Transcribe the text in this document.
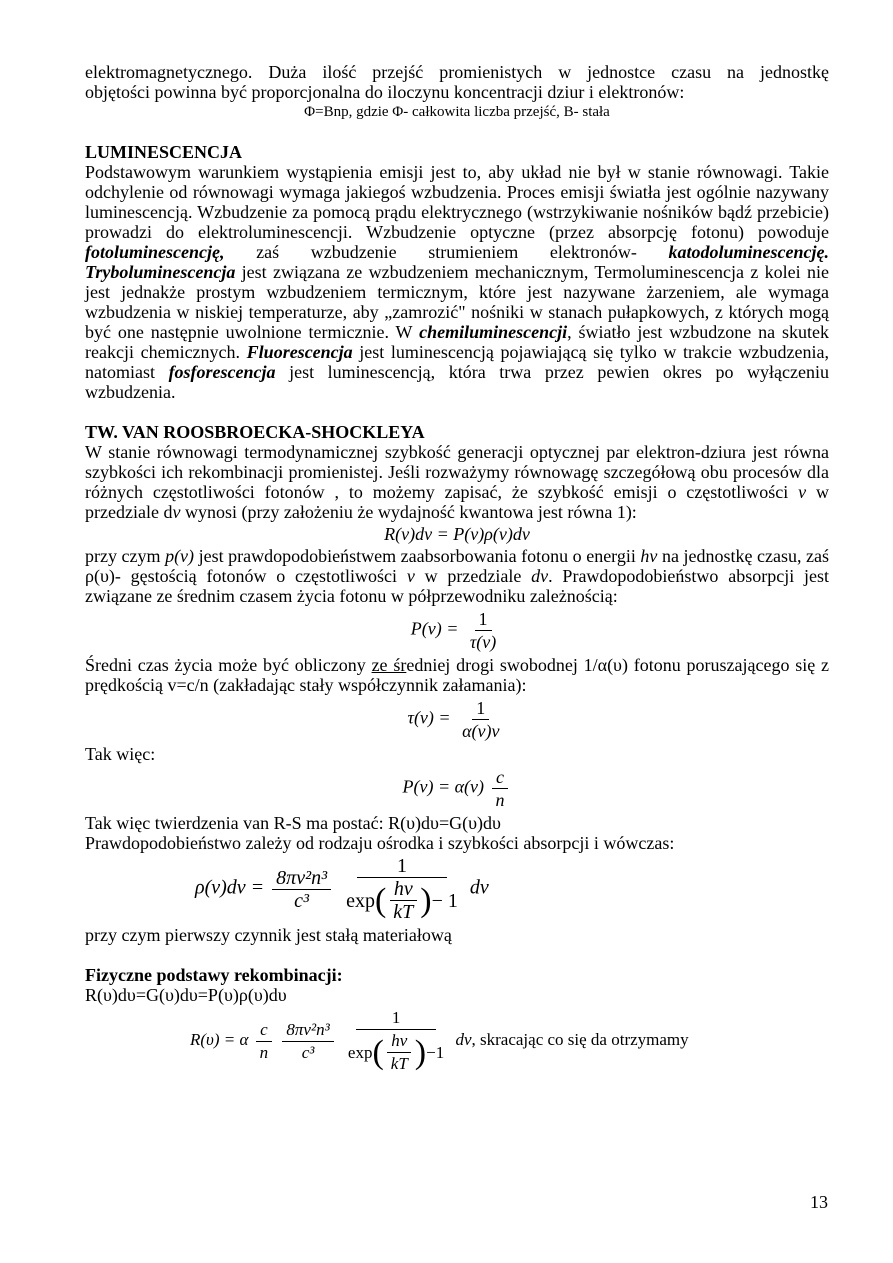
elektromagnetycznego. Duża ilość przejść promienistych w jednostce czasu na jednostkę

objętości powinna być proporcjonalna do iloczynu koncentracji dziur i elektronów:

Φ=Bnp, gdzie Φ- całkowita liczba przejść, B- stała

LUMINESCENCJA

Podstawowym warunkiem wystąpienia emisji jest to, aby układ nie był w stanie równowagi. Takie odchylenie od równowagi wymaga jakiegoś wzbudzenia. Proces emisji światła jest ogólnie nazywany luminescencją. Wzbudzenie za pomocą prądu elektrycznego (wstrzykiwanie nośników bądź przebicie) prowadzi do elektroluminescencji. Wzbudzenie optyczne (przez absorpcję fotonu) powoduje fotoluminescencję, zaś wzbudzenie strumieniem elektronów- katodoluminescencję. Tryboluminescencja jest związana ze wzbudzeniem mechanicznym, Termoluminescencja z kolei nie jest jednakże prostym wzbudzeniem termicznym, które jest nazywane żarzeniem, ale wymaga wzbudzenia w niskiej temperaturze, aby „zamrozić" nośniki w stanach pułapkowych, z których mogą być one następnie uwolnione termicznie. W chemiluminescencji, światło jest wzbudzone na skutek reakcji chemicznych. Fluorescencja jest luminescencją pojawiającą się tylko w trakcie wzbudzenia, natomiast fosforescencja jest luminescencją, która trwa przez pewien okres po wyłączeniu wzbudzenia.

TW. VAN ROOSBROECKA-SHOCKLEYA

W stanie równowagi termodynamicznej szybkość generacji optycznej par elektron-dziura jest równa szybkości ich rekombinacji promienistej. Jeśli rozważymy równowagę szczegółową obu procesów dla różnych częstotliwości fotonów , to możemy zapisać, że szybkość emisji o częstotliwości ν w przedziale dν wynosi (przy założeniu że wydajność kwantowa jest równa 1):

R(ν)dν = P(ν)ρ(ν)dν

przy czym p(ν) jest prawdopodobieństwem zaabsorbowania fotonu o energii hν na jednostkę czasu, zaś ρ(υ)- gęstością fotonów o częstotliwości ν w przedziale dν. Prawdopodobieństwo absorpcji jest związane ze średnim czasem życia fotonu w półprzewodniku zależnością:

$P(\nu) = \frac{1}{\tau(\nu)}$

Średni czas życia może być obliczony ze średniej drogi swobodnej 1/α(υ) fotonu poruszającego się z prędkością v=c/n (zakładając stały współczynnik załamania):

$\tau(\nu) = \frac{1}{\alpha(\nu)\nu}$

Tak więc:

$P(\nu) = \alpha(\nu) \frac{c}{n}$

Tak więc twierdzenia van R-S ma postać: R(υ)dυ=G(υ)dυ

Prawdopodobieństwo zależy od rodzaju ośrodka i szybkości absorpcji i wówczas:

$\rho(\nu)d\nu = \frac{\text{8πν²n³}}{\text{c³}}$

1
exp ( $\frac{h\nu}{kT}$ ) − 1
dν

przy czym pierwszy czynnik jest stałą materiałową

Fizyczne podstawy rekombinacji:

R(υ)dυ=G(υ)dυ=P(υ)ρ(υ)dυ

R(υ) = α $\frac{c}{n}$
$\frac{\text{8πν²n³}}{\text{c³}}$

1
exp ( $\frac{h\nu}{kT}$ ) −1
dν, skracając co się da otrzymamy
13
